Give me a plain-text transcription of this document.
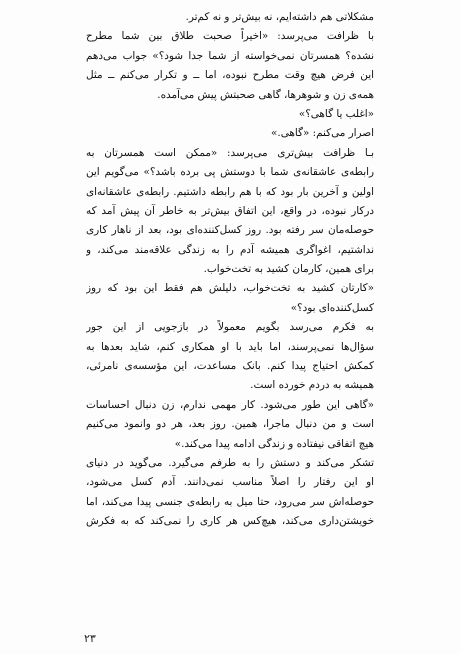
مشکلاتی هم داشته‌ایم، نه بیش‌تر و نه کم‌تر.
با ظرافت می‌پرسد: «اخیراً صحبت طلاق بین شما مطرح
نشده؟ همسرتان نمی‌خواسته از شما جدا شود؟» جواب می‌دهم
این فرض هیچ وقت مطرح نبوده، اما ــ و تکرار می‌کنم ــ مثل
همه‌ی زن و شوهرها، گاهی صحبتش پیش می‌آمده.
«اغلب یا گاهی؟»
اصرار می‌کنم: «گاهی.»
بـا ظرافت بیش‌تری می‌پرسد: «ممکن است همسرتان به
رابطه‌ی عاشقانه‌ی شما با دوستش پی برده باشد؟» می‌گویم این
اولین و آخرین بار بود که با هم رابطه داشتیم. رابطه‌ی عاشقانه‌ای
درکار نبوده، در واقع، این اتفاق بیش‌تر به خاطر آن پیش آمد که
حوصله‌مان سر رفته بود. روز کسل‌کننده‌ای بود، بعد از ناهار کاری
نداشتیم، اغواگری همیشه آدم را به زندگی علاقه‌مند می‌کند، و
برای همین، کارمان کشید به تخت‌خواب.
«کارتان کشید به تخت‌خواب، دلیلش هم فقط این بود که روز
کسل‌کننده‌ای بود؟»
به فکرم می‌رسد بگویم معمولاً در بازجویی از این جور
سؤال‌ها نمی‌پرسند، اما باید با او همکاری کنم، شاید بعدها به
کمکش احتیاج پیدا کنم. بانک مساعدت، این مؤسسه‌ی نامرئی،
همیشه به دردم خورده است.
«گاهی این طور می‌شود. کار مهمی ندارم، زن دنبال احساسات
است و من دنبال ماجرا، همین. روز بعد، هر دو وانمود می‌کنیم
هیچ اتفاقی نیفتاده و زندگی ادامه پیدا می‌کند.»
تشکر می‌کند و دستش را به طرفم می‌گیرد. می‌گوید در دنیای
او این رفتار را اصلاً مناسب نمی‌دانند. آدم کسل می‌شود،
حوصله‌اش سر می‌رود، حتا میل به رابطه‌ی جنسی پیدا می‌کند، اما
خویشتن‌داری می‌کند، هیچ‌کس هر کاری را نمی‌کند که به فکرش
۲۳
